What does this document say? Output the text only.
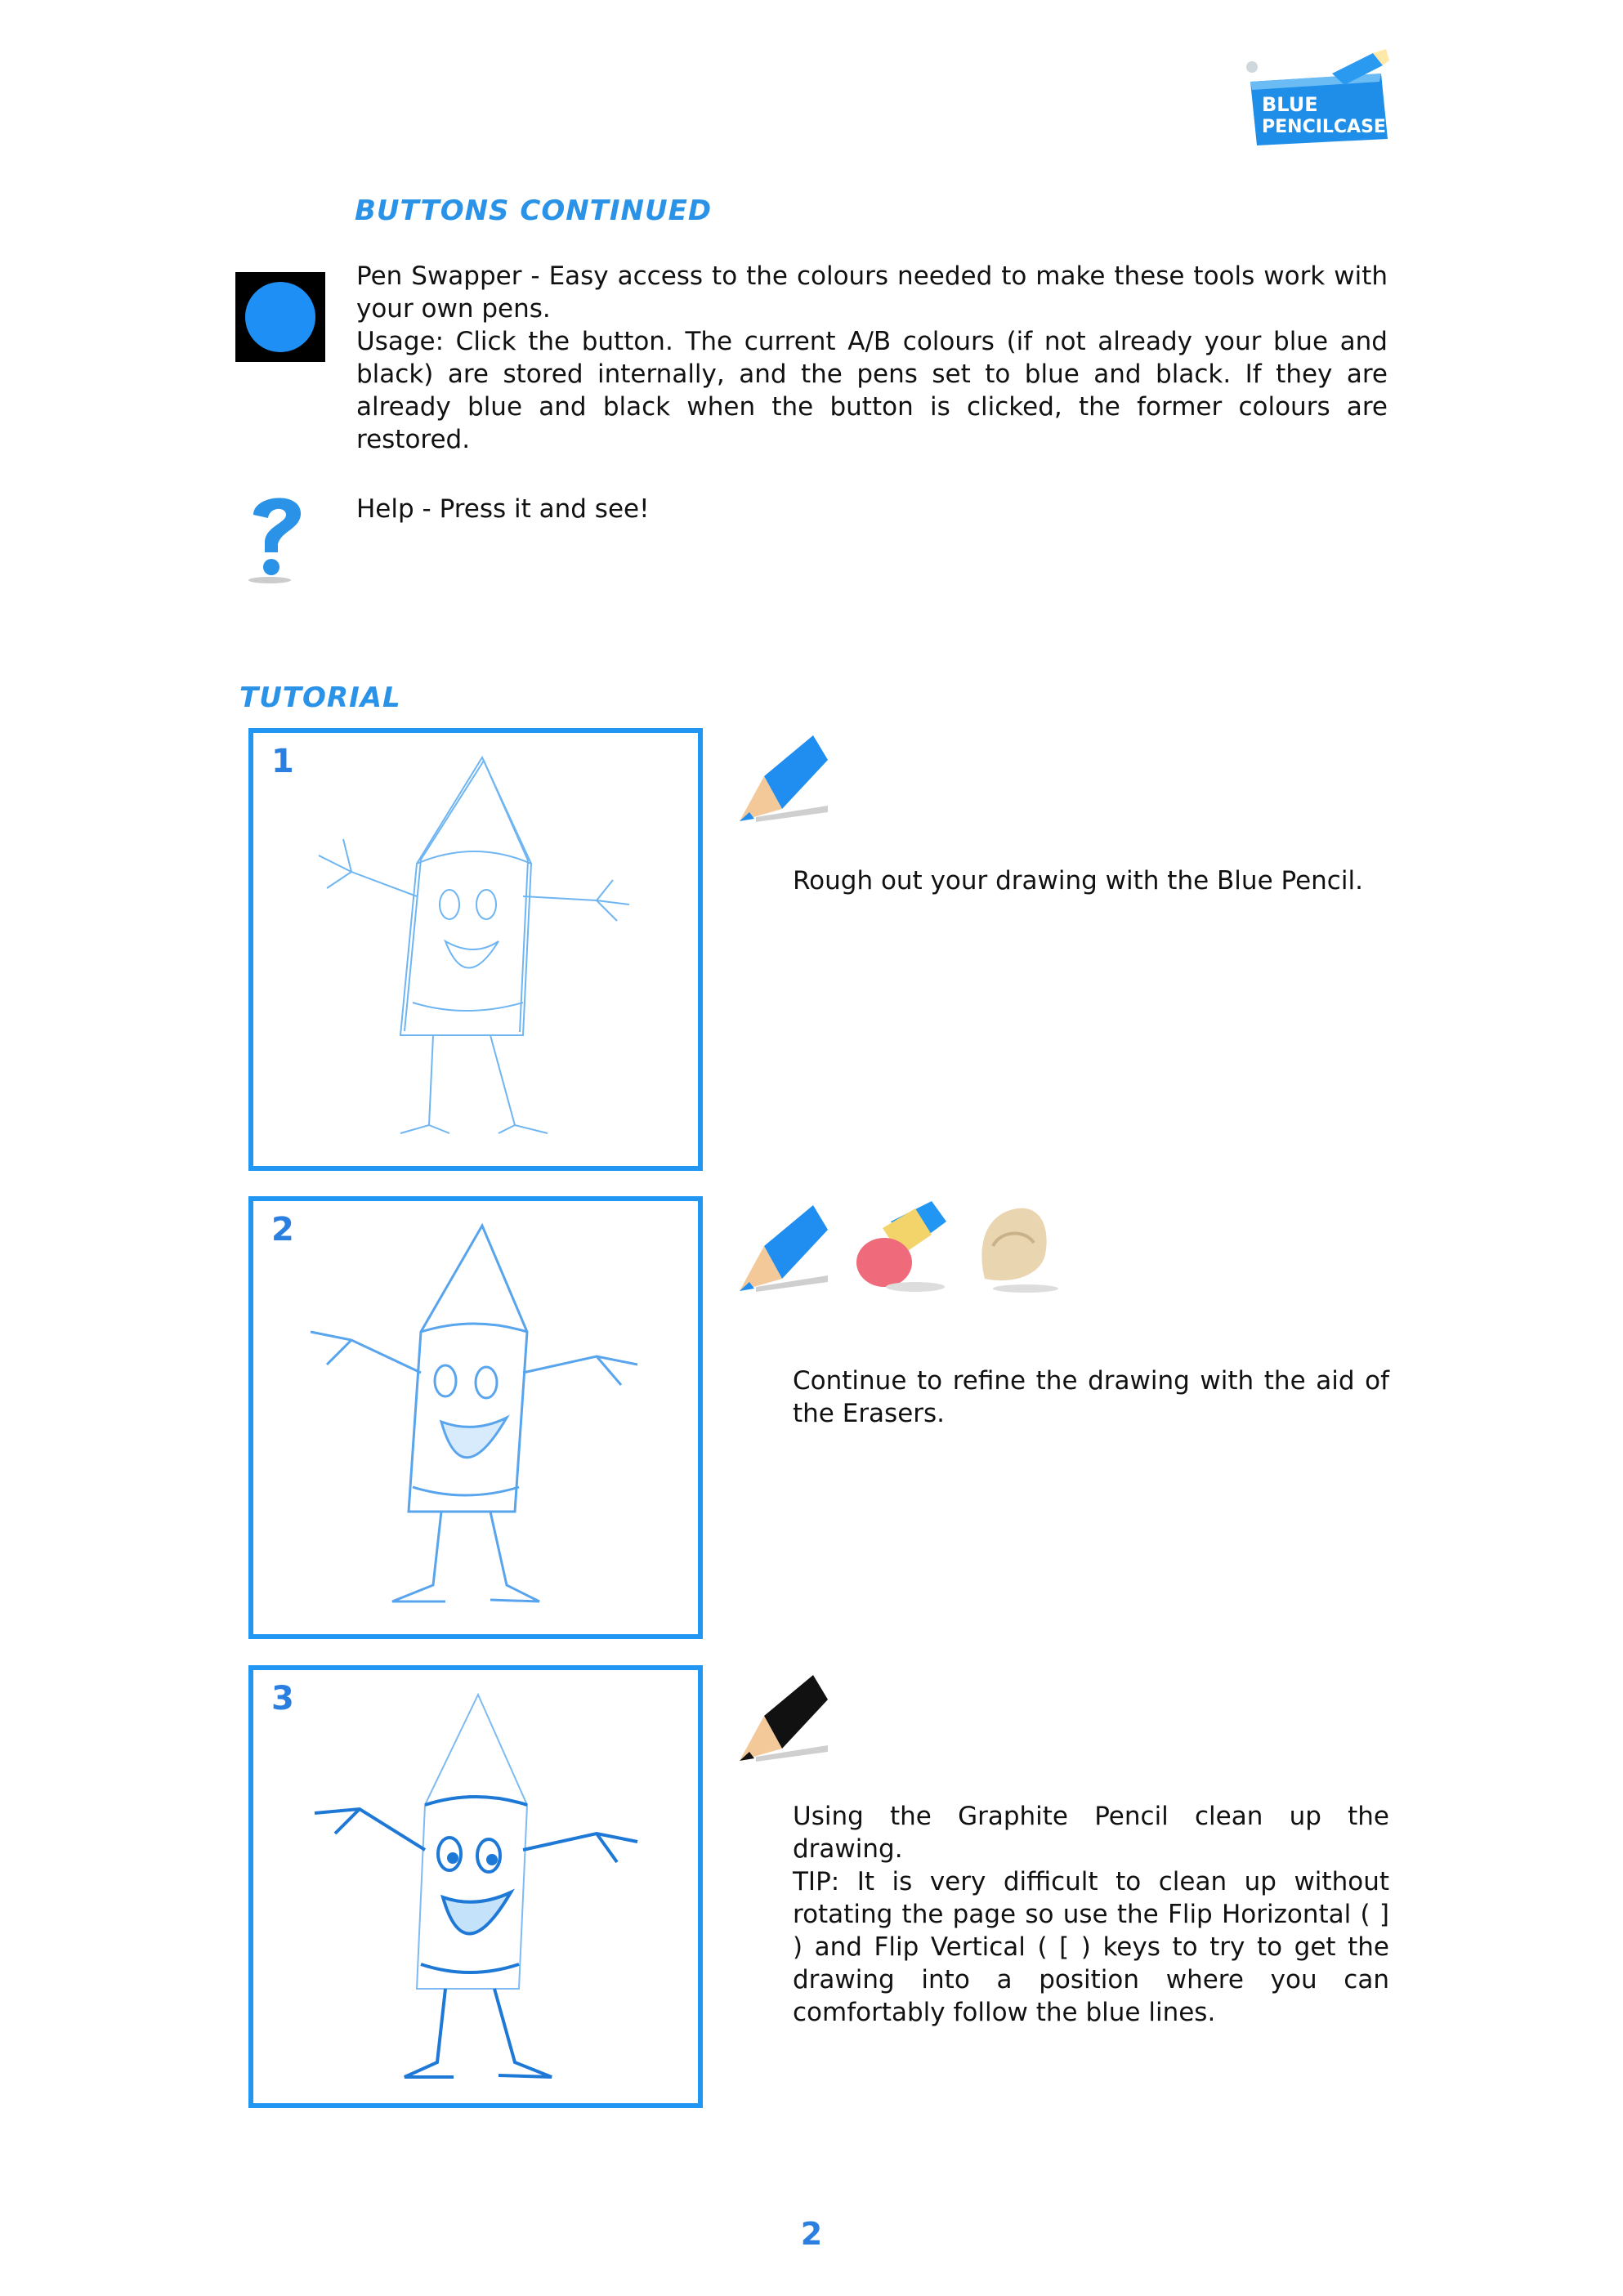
BLUE
PENCILCASE
BUTTONS CONTINUED
Pen Swapper - Easy access to the colours needed to make these tools work with your own pens.
Usage: Click the button. The current A/B colours (if not already your blue and black) are stored internally, and the pens set to blue and black. If they are already blue and black when the button is clicked, the former colours are restored.
Help - Press it and see!
TUTORIAL
1
Rough out your drawing with the Blue Pencil.
2
Continue to refine the drawing with the aid of the Erasers.
3
Using the Graphite Pencil clean up the drawing.
TIP: It is very difficult to clean up without rotating the page so use the Flip Horizontal ( ] ) and Flip Vertical ( [ ) keys to try to get the drawing into a position where you can comfortably follow the blue lines.
2
